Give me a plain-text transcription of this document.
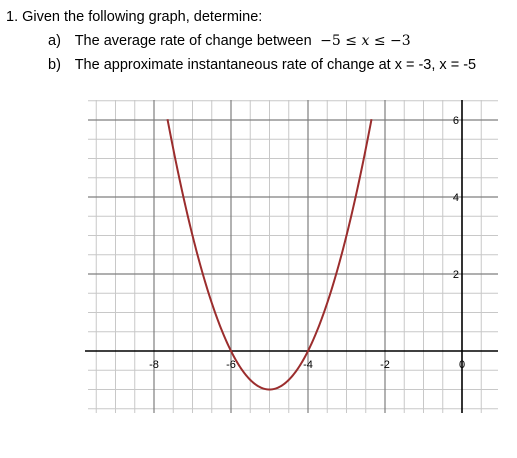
1. Given the following graph, determine:

a) The average rate of change between −5 ≤ x ≤ −3

b) The approximate instantaneous rate of change at x = -3, x = -5

-8	-6	-4	-2	0
2
4
6
